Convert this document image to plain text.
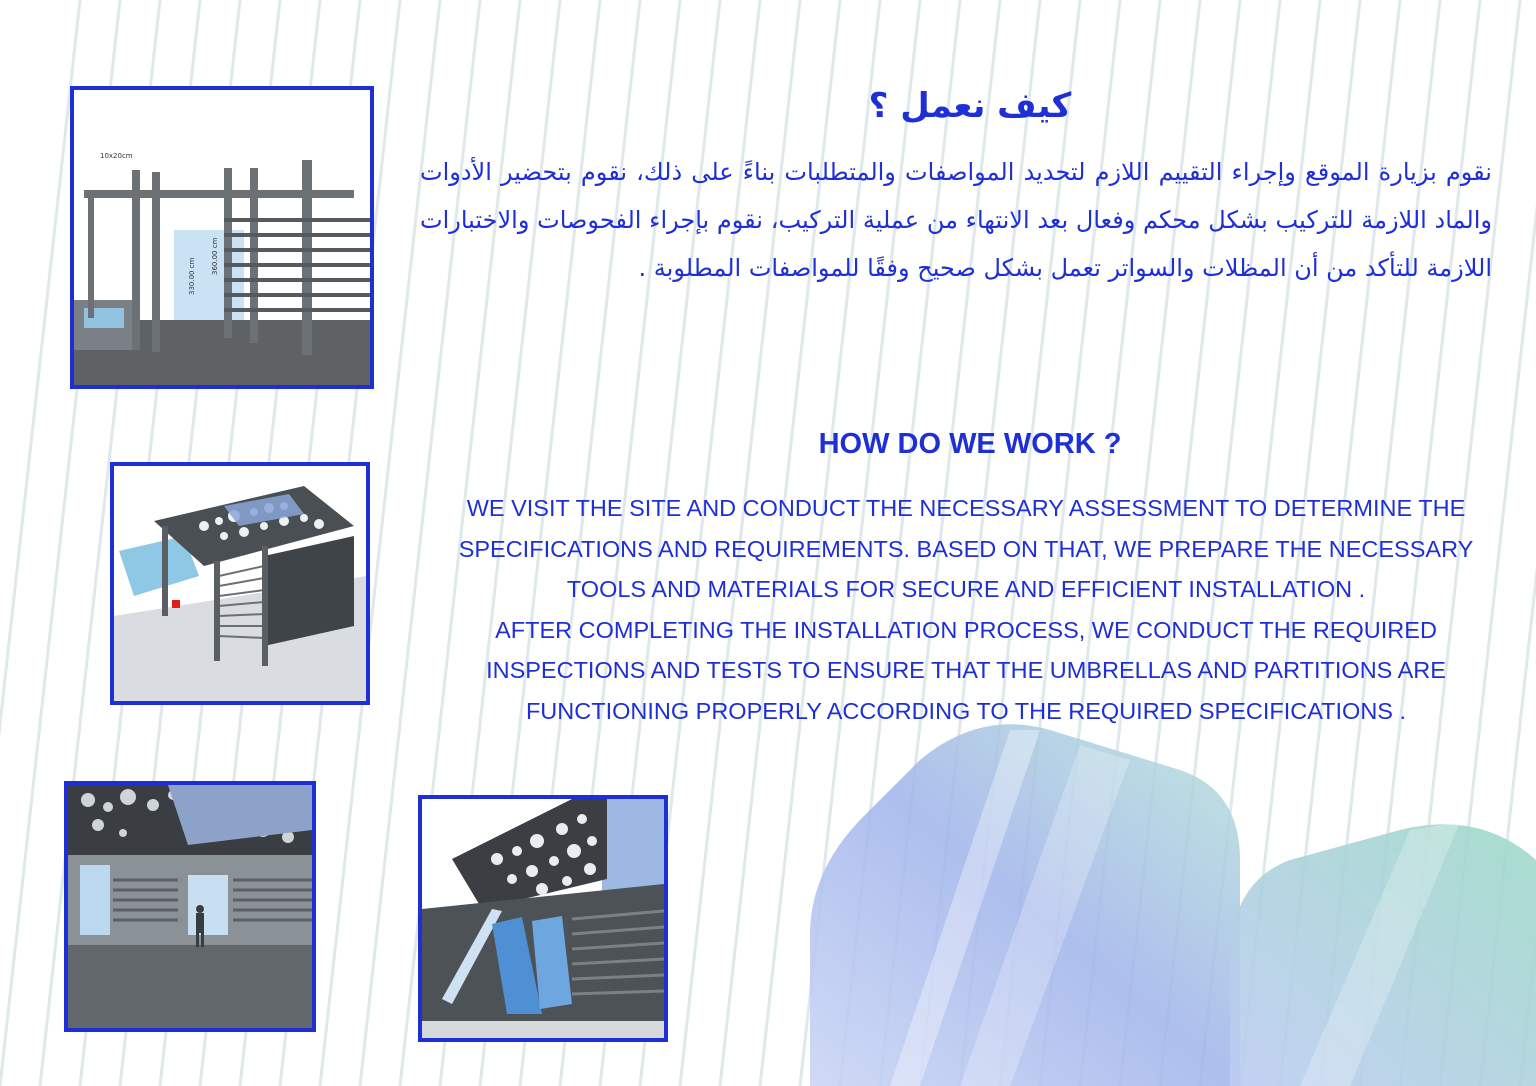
10x20cm
330.00 cm
360.00 cm
كيف نعمل ؟
نقوم بزيارة الموقع وإجراء التقييم اللازم لتحديد المواصفات والمتطلبات بناءً على ذلك، نقوم بتحضير الأدوات والماد اللازمة للتركيب بشكل محكم وفعال بعد الانتهاء من عملية التركيب، نقوم بإجراء الفحوصات والاختبارات اللازمة للتأكد من أن المظلات والسواتر تعمل بشكل صحيح وفقًا للمواصفات المطلوبة .
HOW DO WE WORK ?

WE VISIT THE SITE AND CONDUCT THE NECESSARY ASSESSMENT TO DETERMINE THE SPECIFICATIONS AND REQUIREMENTS. BASED ON THAT, WE PREPARE THE NECESSARY TOOLS AND MATERIALS FOR SECURE AND EFFICIENT INSTALLATION .

AFTER COMPLETING THE INSTALLATION PROCESS, WE CONDUCT THE REQUIRED INSPECTIONS AND TESTS TO ENSURE THAT THE UMBRELLAS AND PARTITIONS ARE FUNCTIONING PROPERLY ACCORDING TO THE REQUIRED SPECIFICATIONS .
